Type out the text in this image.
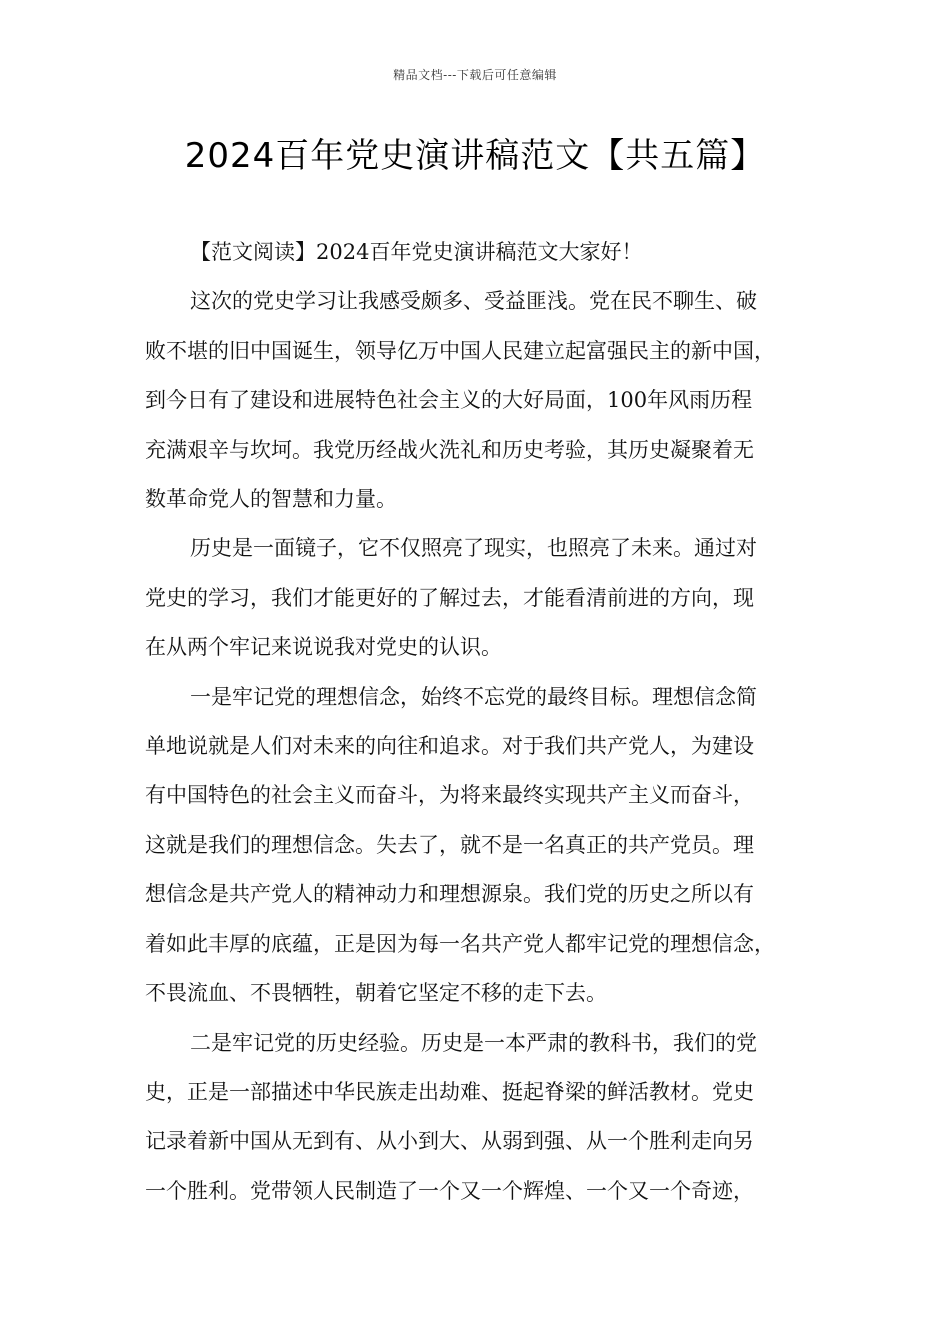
精品文档---下载后可任意编辑
2024百年党史演讲稿范文【共五篇】
【范文阅读】2024百年党史演讲稿范文大家好！
这次的党史学习让我感受颇多、受益匪浅。党在民不聊生、破
败不堪的旧中国诞生，领导亿万中国人民建立起富强民主的新中国，
到今日有了建设和进展特色社会主义的大好局面，100年风雨历程
充满艰辛与坎坷。我党历经战火洗礼和历史考验，其历史凝聚着无
数革命党人的智慧和力量。
历史是一面镜子，它不仅照亮了现实，也照亮了未来。通过对
党史的学习，我们才能更好的了解过去，才能看清前进的方向，现
在从两个牢记来说说我对党史的认识。
一是牢记党的理想信念，始终不忘党的最终目标。理想信念简
单地说就是人们对未来的向往和追求。对于我们共产党人，为建设
有中国特色的社会主义而奋斗，为将来最终实现共产主义而奋斗，
这就是我们的理想信念。失去了，就不是一名真正的共产党员。理
想信念是共产党人的精神动力和理想源泉。我们党的历史之所以有
着如此丰厚的底蕴，正是因为每一名共产党人都牢记党的理想信念，
不畏流血、不畏牺牲，朝着它坚定不移的走下去。
二是牢记党的历史经验。历史是一本严肃的教科书，我们的党
史，正是一部描述中华民族走出劫难、挺起脊梁的鲜活教材。党史
记录着新中国从无到有、从小到大、从弱到强、从一个胜利走向另
一个胜利。党带领人民制造了一个又一个辉煌、一个又一个奇迹，
